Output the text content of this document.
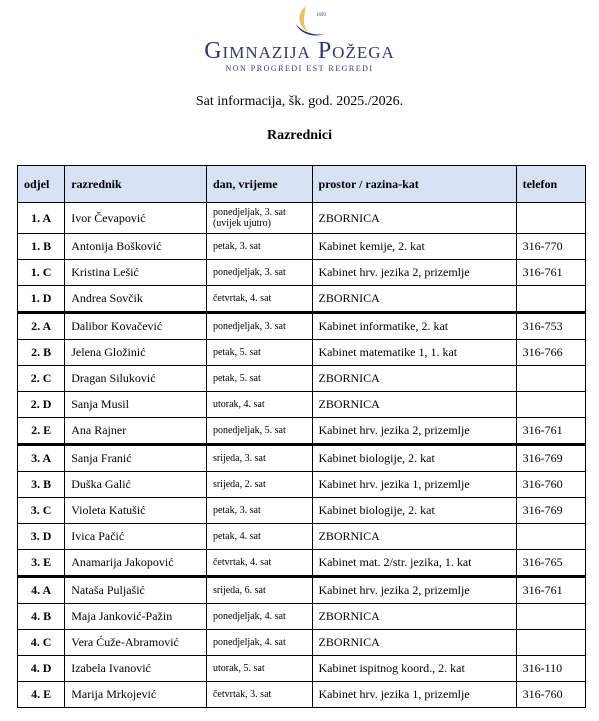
1699
Gimnazija Požega
NON PROGREDI EST REGREDI
Sat informacija, šk. god. 2025./2026.
Razrednici
odjel	razrednik	dan, vrijeme	prostor / razina-kat	telefon
1. A	Ivor Čevapović	ponedjeljak, 3. sat (uvijek ujutro)	ZBORNICA	
1. B	Antonija Bošković	petak, 3. sat	Kabinet kemije, 2. kat	316-770
1. C	Kristina Lešić	ponedjeljak, 3. sat	Kabinet hrv. jezika 2, prizemlje	316-761
1. D	Andrea Sovčik	četvrtak, 4. sat	ZBORNICA	
2. A	Dalibor Kovačević	ponedjeljak, 3. sat	Kabinet informatike, 2. kat	316-753
2. B	Jelena Gložinić	petak, 5. sat	Kabinet matematike 1, 1. kat	316-766
2. C	Dragan Siluković	petak, 5. sat	ZBORNICA	
2. D	Sanja Musil	utorak, 4. sat	ZBORNICA	
2. E	Ana Rajner	ponedjeljak, 5. sat	Kabinet hrv. jezika 2, prizemlje	316-761
3. A	Sanja Franić	srijeda, 3. sat	Kabinet biologije, 2. kat	316-769
3. B	Duška Galić	srijeda, 2. sat	Kabinet hrv. jezika 1, prizemlje	316-760
3. C	Violeta Katušić	petak, 3. sat	Kabinet biologije, 2. kat	316-769
3. D	Ivica Pačić	petak, 4. sat	ZBORNICA	
3. E	Anamarija Jakopović	četvrtak, 4. sat	Kabinet mat. 2/str. jezika, 1. kat	316-765
4. A	Nataša Puljašić	srijeda, 6. sat	Kabinet hrv. jezika 2, prizemlje	316-761
4. B	Maja Janković-Pažin	ponedjeljak, 4. sat	ZBORNICA	
4. C	Vera Ćuže-Abramović	ponedjeljak, 4. sat	ZBORNICA	
4. D	Izabela Ivanović	utorak, 5. sat	Kabinet ispitnog koord., 2. kat	316-110
4. E	Marija Mrkojević	četvrtak, 3. sat	Kabinet hrv. jezika 1, prizemlje	316-760
